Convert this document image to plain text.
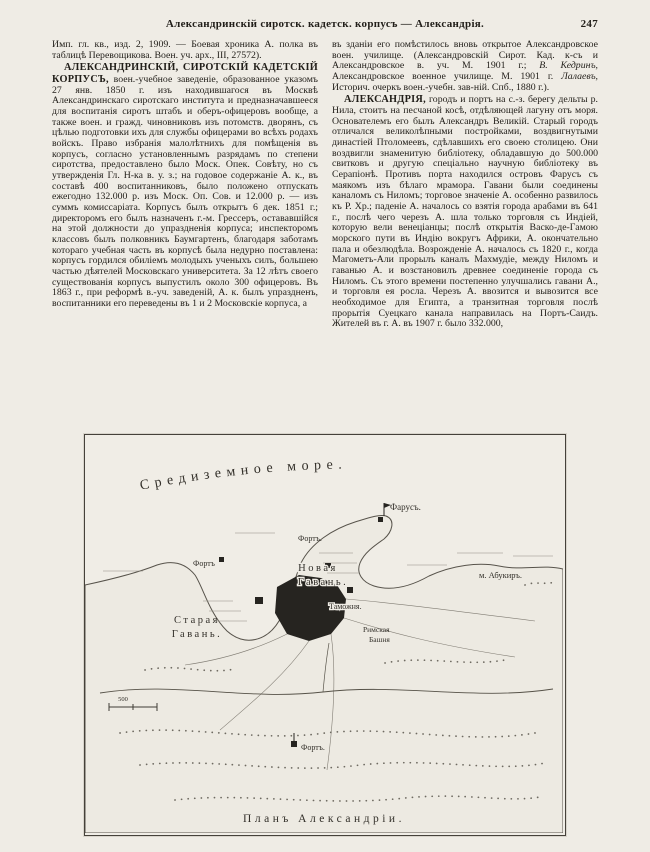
Александринскій сиротск. кадетск. корпусъ — Александрія.	247

Имп. гл. кв., изд. 2, 1909. — Боевая хроника А. полка въ таблицѣ Перевощикова. Воен. уч. арх., III, 27572).

АЛЕКСАНДРИНСКІЙ, СИРОТСКІЙ КАДЕТСКІЙ КОРПУСЪ, воен.-учебное заведеніе, образованное указомъ 27 янв. 1850 г. изъ находившагося въ Москвѣ Александринскаго сиротскаго института и предназначавшееся для воспитанія сиротъ штабъ и оберъ-офицеровъ вообще, а также воен. и гражд. чиновниковъ изъ потомств. дворянъ, съ цѣлью подготовки ихъ для службы офицерами во всѣхъ родахъ войскъ. Право избранія малолѣтнихъ для помѣщенія въ корпусъ, согласно установленнымъ разрядамъ по степени сиротства, предоставлено было Моск. Опек. Совѣту, но съ утвержденія Гл. Н-ка в. у. з.; на годовое содержаніе А. к., въ составѣ 400 воспитанниковъ, было положено отпускать ежегодно 132.000 р. изъ Моск. Оп. Сов. и 12.000 р. — изъ суммъ комиссаріата. Корпусъ былъ открытъ 6 дек. 1851 г.; директоромъ его былъ назначенъ г.-м. Грессеръ, остававшійся на этой должности до упраздненія корпуса; инспекторомъ классовъ былъ полковникъ Баумгартенъ, благодаря заботамъ котораго учебная часть въ корпусѣ была недурно поставлена: корпусъ гордился обиліемъ молодыхъ ученыхъ силъ, большею частью дѣятелей Московскаго университета. За 12 лѣтъ своего существованія корпусъ выпустилъ около 300 офицеровъ. Въ 1863 г., при реформѣ в.-уч. заведеній, А. к. былъ упраздненъ, воспитанники его переведены въ 1 и 2 Московскіе корпуса, а

въ зданіи его помѣстилось вновь открытое Александровское воен. училище. (Александровскій Сирот. Кад. к-съ и Александровское в. уч. М. 1901 г.; В. Кедринъ, Александровское военное училище. М. 1901 г. Лалаевъ, Историч. очеркъ воен.-учебн. зав-ній. Спб., 1880 г.).

АЛЕКСАНДРІЯ, городъ и портъ на с.-з. берегу дельты р. Нила, стоитъ на песчаной косѣ, отдѣляющей лагуну отъ моря. Основателемъ его былъ Александръ Великій. Старый городъ отличался великолѣпными постройками, воздвигнутыми династіей Птоломеевъ, сдѣлавшихъ его своею столицею. Они воздвигли знаменитую библіотеку, обладавшую до 500.000 свитковъ и другую спеціально научную библіотеку въ Серапіонѣ. Противъ порта находился островъ Фарусъ съ маякомъ изъ бѣлаго мрамора. Гавани были соединены каналомъ съ Ниломъ; торговое значеніе А. особенно развилось къ Р. Хр.; паденіе А. началось со взятія города арабами въ 641 г., послѣ чего черезъ А. шла только торговля съ Индіей, которую вели венеціанцы; послѣ открытія Васко-де-Гамою морского пути въ Индію вокругъ Африки, А. окончательно пала и обезлюдѣла. Возрожденіе А. началось съ 1820 г., когда Магометъ-Али прорылъ каналъ Махмудіе, между Ниломъ и гаванью А. и возстановилъ древнее соединеніе города съ Ниломъ. Съ этого времени постепенно улучшались гавани А., и торговля ея росла. Черезъ А. ввозится и вывозится все необходимое для Египта, а транзитная торговля послѣ прорытія Суецкаго канала направилась на Портъ-Саидъ. Жителей въ г. А. въ 1907 г. было 332.000,

Средиземное море.
500
Фарусъ.
Фортъ.
Фортъ	Новая
Гавань.
м. Абукиръ.
Таможня.
Старая
Гавань.	Римская
Башня
Фортъ.
Планъ Александріи.
